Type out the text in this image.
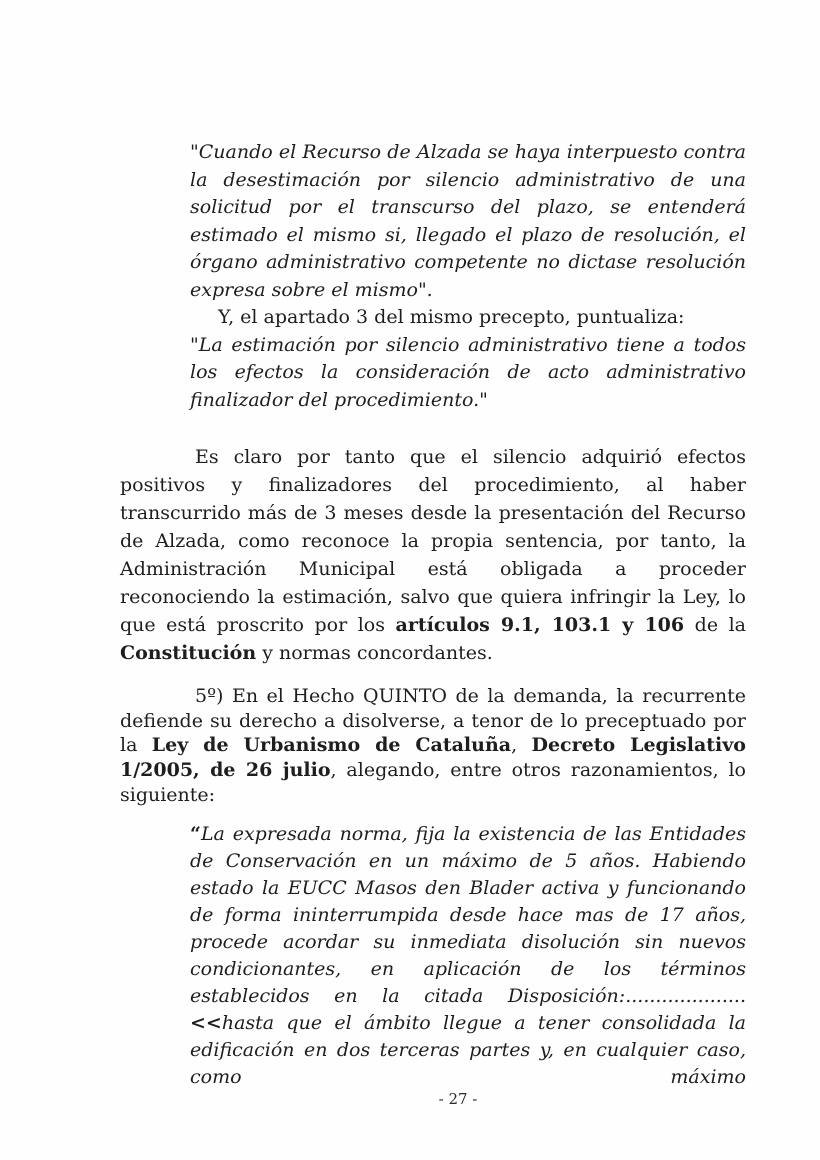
"Cuando el Recurso de Alzada se haya interpuesto contra la desestimación por silencio administrativo de una solicitud por el transcurso del plazo, se entenderá estimado el mismo si, llegado el plazo de resolución, el órgano administrativo competente no dictase resolución expresa sobre el mismo".

Y, el apartado 3 del mismo precepto, puntualiza:

"La estimación por silencio administrativo tiene a todos los efectos la consideración de acto administrativo finalizador del procedimiento."

Es claro por tanto que el silencio adquirió efectos positivos y finalizadores del procedimiento, al haber transcurrido más de 3 meses desde la presentación del Recurso de Alzada, como reconoce la propia sentencia, por tanto, la Administración Municipal está obligada a proceder reconociendo la estimación, salvo que quiera infringir la Ley, lo que está proscrito por los artículos 9.1, 103.1 y 106 de la Constitución y normas concordantes.

5º) En el Hecho QUINTO de la demanda, la recurrente defiende su derecho a disolverse, a tenor de lo preceptuado por la Ley de Urbanismo de Cataluña, Decreto Legislativo 1/2005, de 26 julio, alegando, entre otros razonamientos, lo siguiente:

“La expresada norma, fija la existencia de las Entidades de Conservación en un máximo de 5 años. Habiendo estado la EUCC Masos den Blader activa y funcionando de forma ininterrumpida desde hace mas de 17 años, procede acordar su inmediata disolución sin nuevos condicionantes, en aplicación de los términos establecidos en la citada Disposición:.................... <<hasta que el ámbito llegue a tener consolidada la edificación en dos terceras partes y, en cualquier caso, como máximo

- 27 -
